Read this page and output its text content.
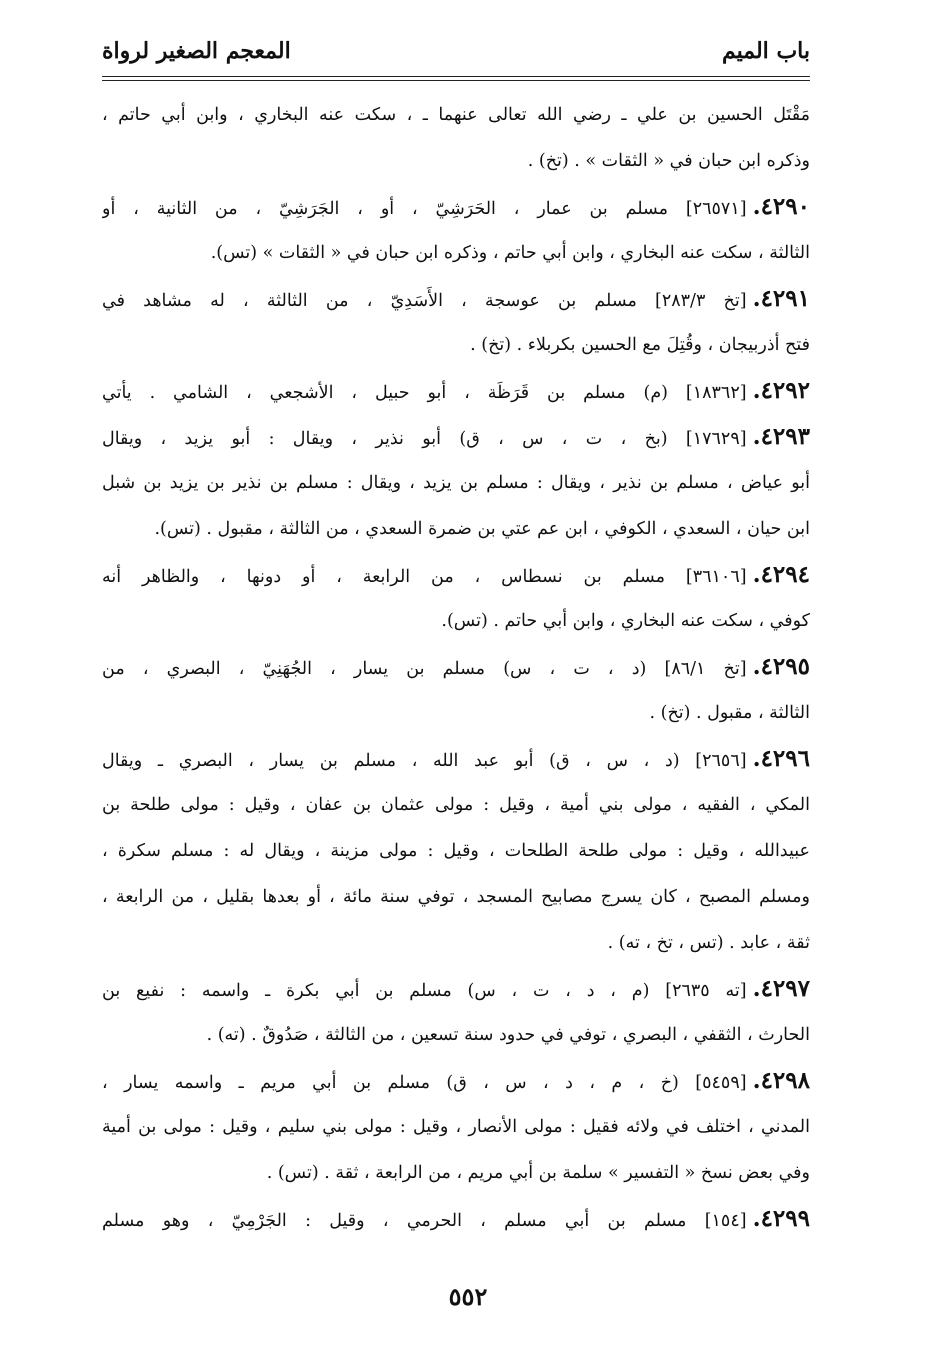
باب الميم
المعجم الصغير لرواة
مَقْتَل الحسين بن علي ـ رضي الله تعالى عنهما ـ ، سكت عنه البخاري ، وابن أبي حاتم ،
وذكره ابن حبان في « الثقات » . (تخ) .
٤٢٩٠.[٢٦٥٧١] مسلم بن عمار ، الحَرَشِيّ ، أو ، الجَرَشِيّ ، من الثانية ، أو
الثالثة ، سكت عنه البخاري ، وابن أبي حاتم ، وذكره ابن حبان في « الثقات » (تس).
٤٢٩١.[تخ ٢٨٣/٣] مسلم بن عوسجة ، الأَسَدِيّ ، من الثالثة ، له مشاهد في
فتح أذربيجان ، وقُتِلَ مع الحسين بكربلاء . (تخ) .
٤٢٩٢.[١٨٣٦٢] (م) مسلم بن قَرَظَة ، أبو حبيل ، الأشجعي ، الشامي . يأتي
٤٢٩٣.[١٧٦٢٩] (بخ ، ت ، س ، ق) أبو نذير ، ويقال : أبو يزيد ، ويقال
أبو عياض ، مسلم بن نذير ، ويقال : مسلم بن يزيد ، ويقال : مسلم بن نذير بن يزيد بن شبل
ابن حيان ، السعدي ، الكوفي ، ابن عم عتي بن ضمرة السعدي ، من الثالثة ، مقبول . (تس).
٤٢٩٤.[٣٦١٠٦] مسلم بن نسطاس ، من الرابعة ، أو دونها ، والظاهر أنه
كوفي ، سكت عنه البخاري ، وابن أبي حاتم . (تس).
٤٢٩٥.[تخ ٨٦/١] (د ، ت ، س) مسلم بن يسار ، الجُهَنِيّ ، البصري ، من
الثالثة ، مقبول . (تخ) .
٤٢٩٦.[٢٦٥٦] (د ، س ، ق) أبو عبد الله ، مسلم بن يسار ، البصري ـ ويقال
المكي ، الفقيه ، مولى بني أمية ، وقيل : مولى عثمان بن عفان ، وقيل : مولى طلحة بن
عبيدالله ، وقيل : مولى طلحة الطلحات ، وقيل : مولى مزينة ، ويقال له : مسلم سكرة ،
ومسلم المصبح ، كان يسرج مصابيح المسجد ، توفي سنة مائة ، أو بعدها بقليل ، من الرابعة ،
ثقة ، عابد . (تس ، تخ ، ته) .
٤٢٩٧.[ته ٢٦٣٥] (م ، د ، ت ، س) مسلم بن أبي بكرة ـ واسمه : نفيع بن
الحارث ، الثقفي ، البصري ، توفي في حدود سنة تسعين ، من الثالثة ، صَدُوقٌ . (ته) .
٤٢٩٨.[٥٤٥٩] (خ ، م ، د ، س ، ق) مسلم بن أبي مريم ـ واسمه يسار ،
المدني ، اختلف في ولائه فقيل : مولى الأنصار ، وقيل : مولى بني سليم ، وقيل : مولى بن أمية
وفي بعض نسخ « التفسير » سلمة بن أبي مريم ، من الرابعة ، ثقة . (تس) .
٤٢٩٩.[١٥٤] مسلم بن أبي مسلم ، الحرمي ، وقيل : الجَرْمِيّ ، وهو مسلم
٥٥٢
